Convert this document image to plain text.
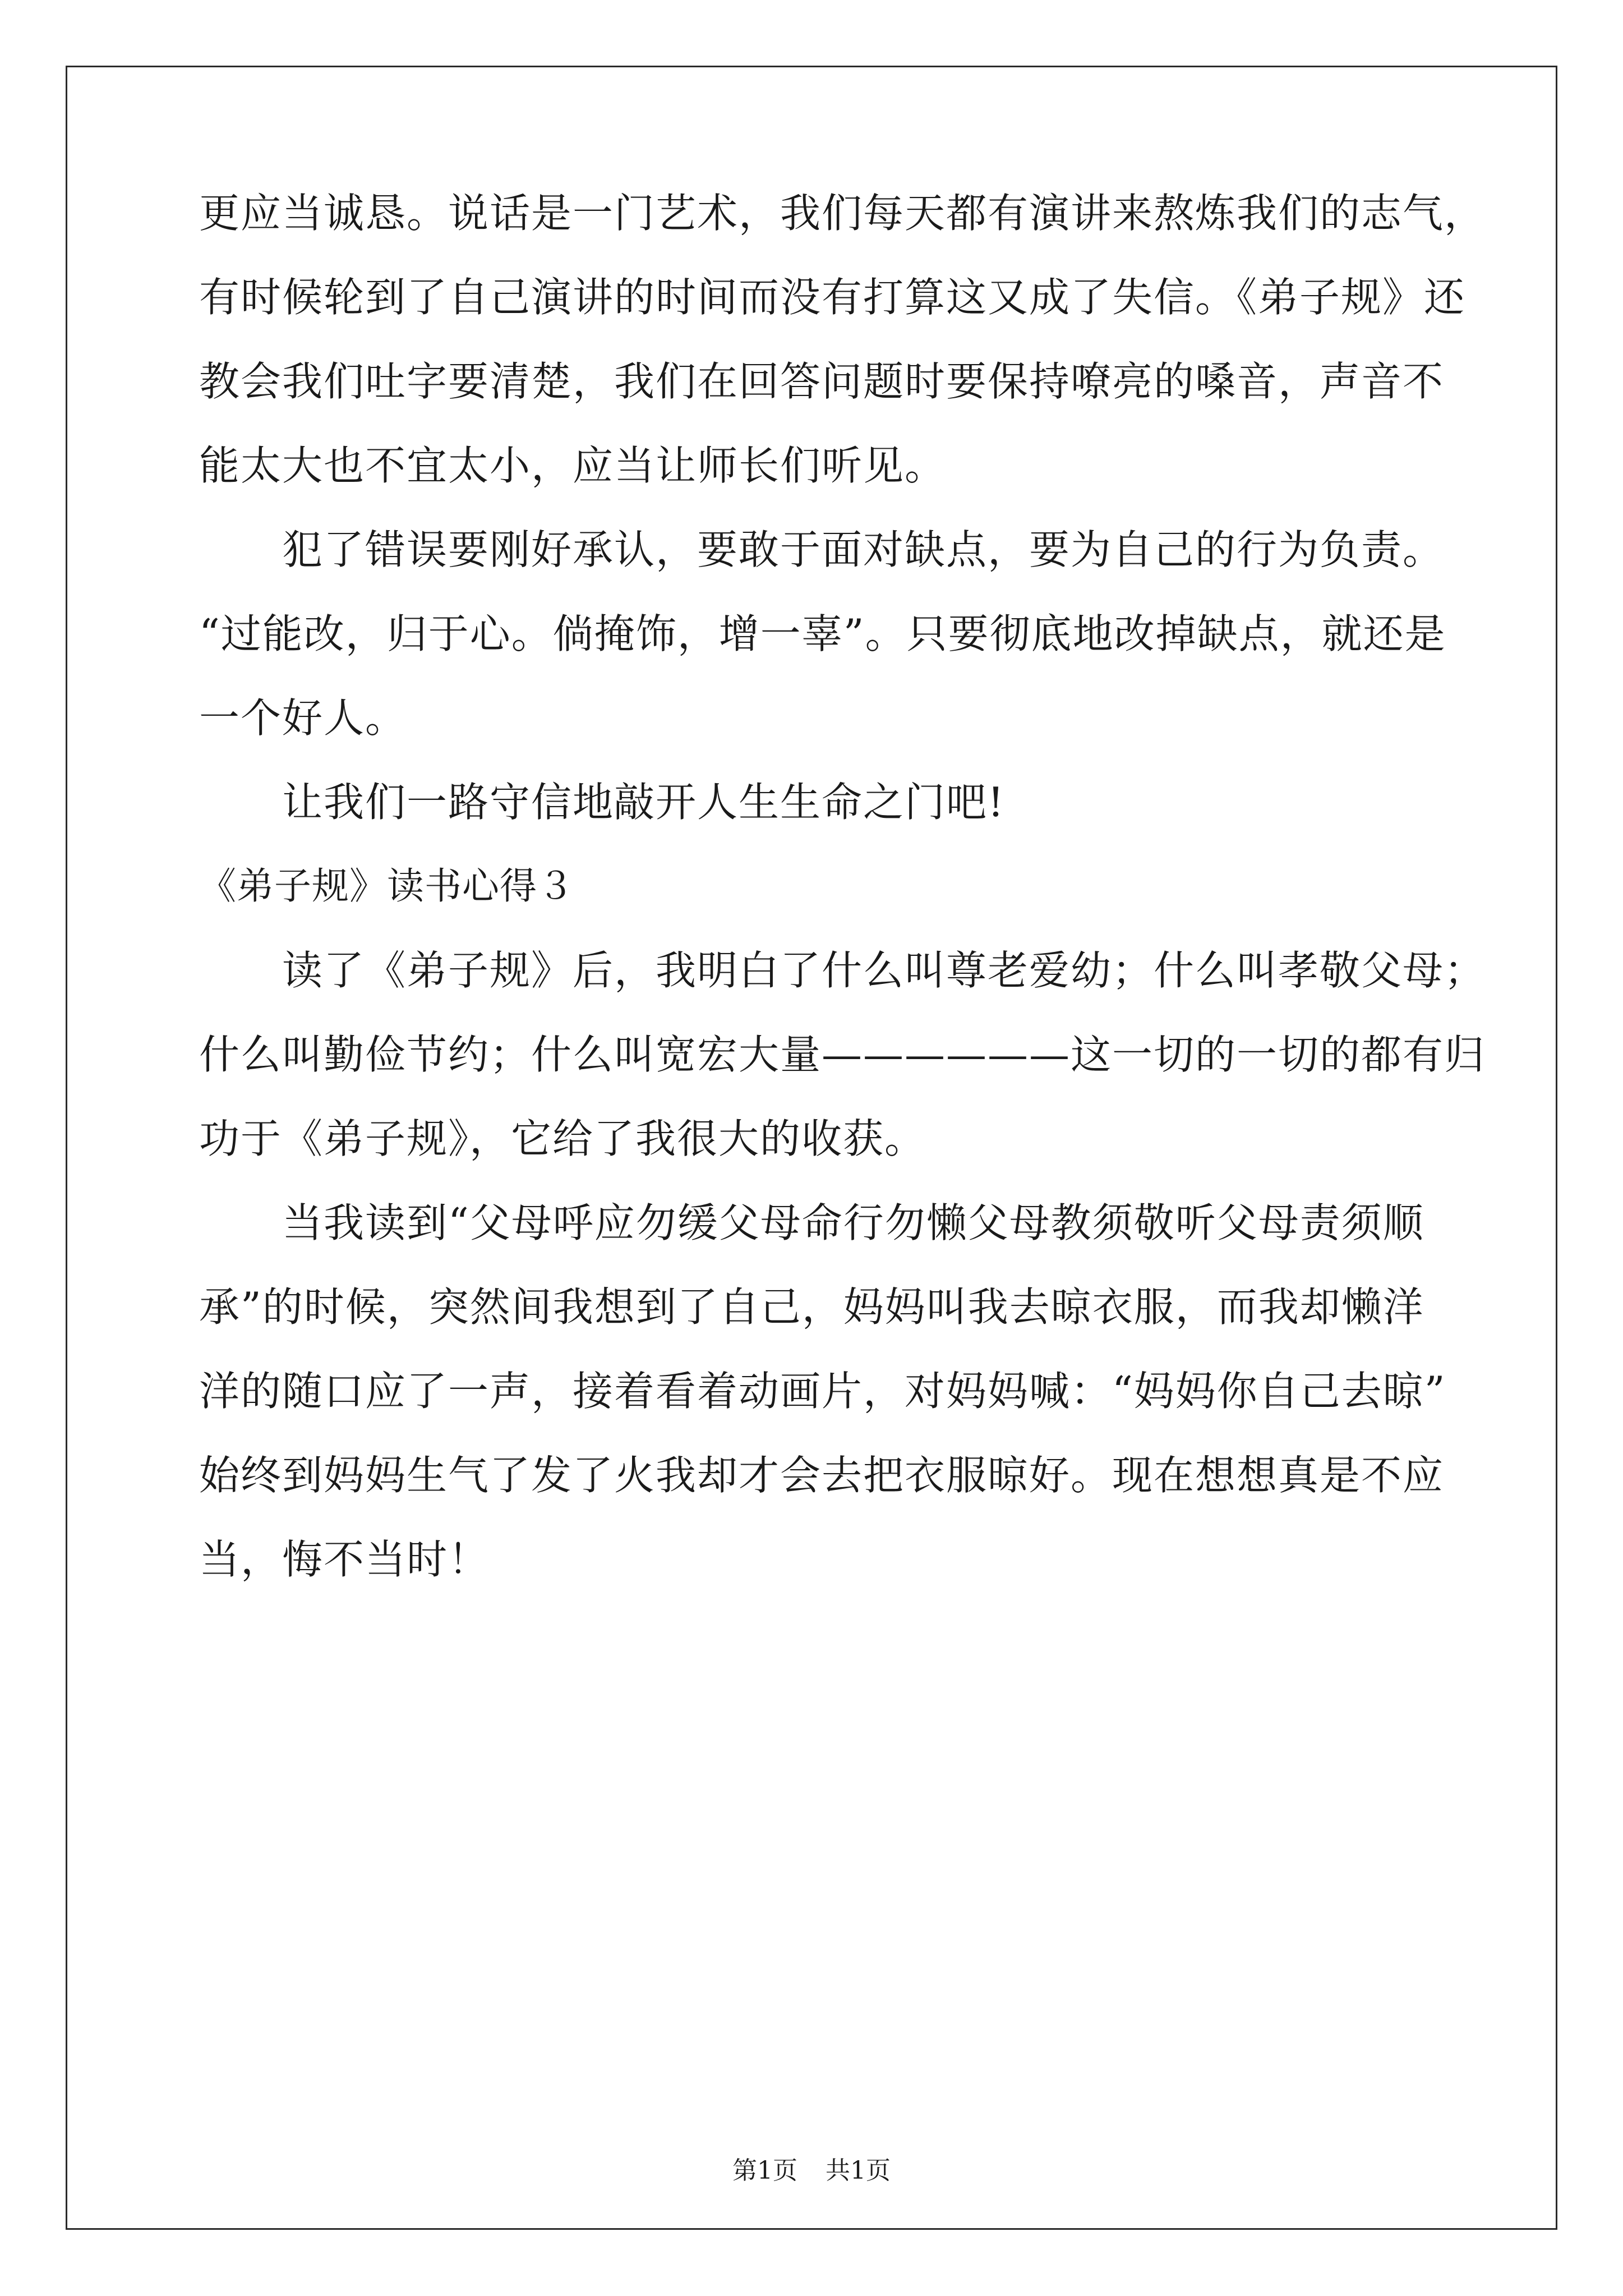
更应当诚恳。说话是一门艺术，我们每天都有演讲来熬炼我们的志气，
有时候轮到了自己演讲的时间而没有打算这又成了失信。《弟子规》还
教会我们吐字要清楚，我们在回答问题时要保持嘹亮的嗓音，声音不
能太大也不宜太小，应当让师长们听见。
犯了错误要刚好承认，要敢于面对缺点，要为自己的行为负责。
“过能改，归于心。倘掩饰，增一辜”。只要彻底地改掉缺点，就还是
一个好人。
让我们一路守信地敲开人生生命之门吧!
《弟子规》读书心得３
读了《弟子规》后，我明白了什么叫尊老爱幼；什么叫孝敬父母；
什么叫勤俭节约；什么叫宽宏大量——————这一切的一切的都有归
功于《弟子规》，它给了我很大的收获。
当我读到“父母呼应勿缓父母命行勿懒父母教须敬听父母责须顺
承”的时候，突然间我想到了自己，妈妈叫我去晾衣服，而我却懒洋
洋的随口应了一声，接着看着动画片，对妈妈喊：“妈妈你自己去晾”
始终到妈妈生气了发了火我却才会去把衣服晾好。现在想想真是不应
当，悔不当时！
第1页 共1页
